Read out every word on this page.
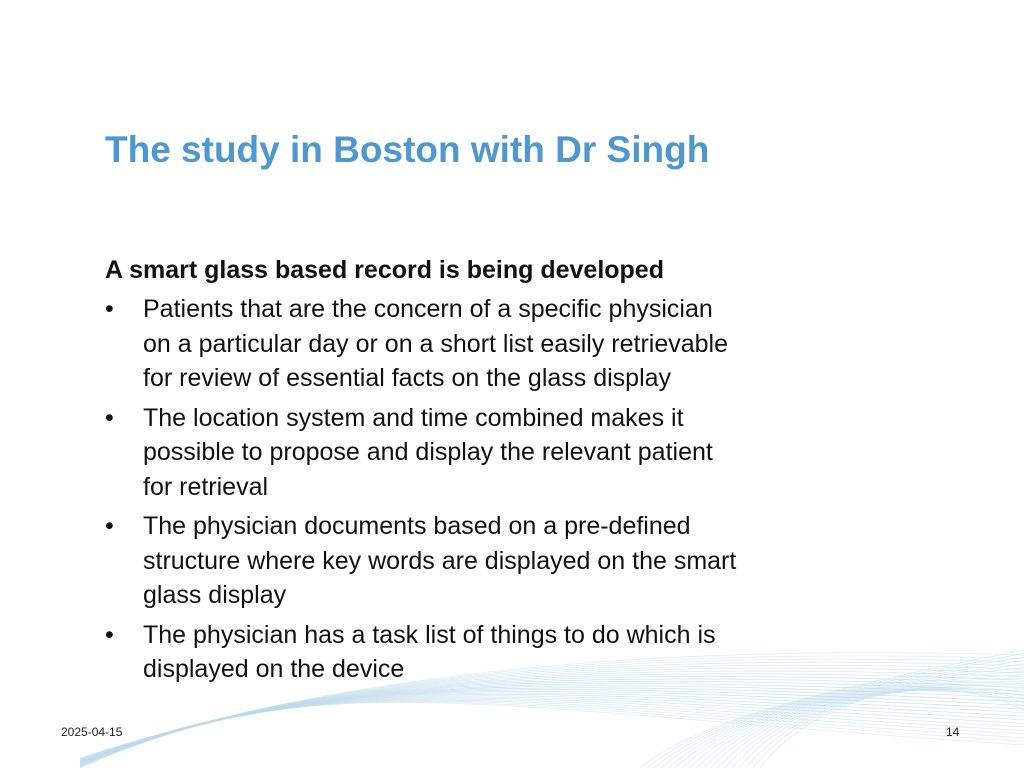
The study in Boston with Dr Singh

A smart glass based record is being developed

•	Patients that are the concern of a specific physician
on a particular day or on a short list easily retrievable
for review of essential facts on the glass display
•	The location system and time combined makes it
possible to propose and display the relevant patient
for retrieval
•	The physician documents based on a pre-defined
structure where key words are displayed on the smart
glass display
•	The physician has a task list of things to do which is
displayed on the device
2025-04-15	14
